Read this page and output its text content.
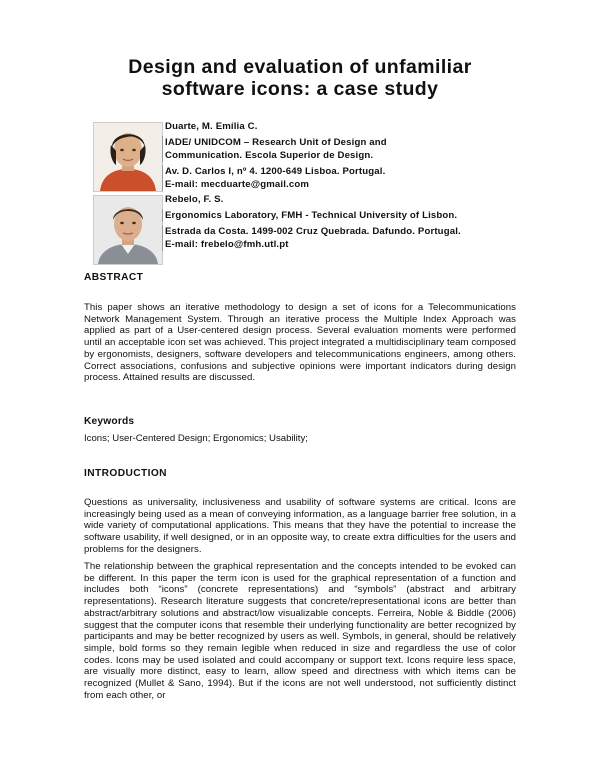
Design and evaluation of unfamiliar
software icons: a case study
Duarte, M. Emília C.
IADE/ UNIDCOM – Research Unit of Design and
Communication. Escola Superior de Design.
Av. D. Carlos I, nº 4. 1200-649 Lisboa. Portugal.
E-mail: mecduarte@gmail.com
Rebelo, F. S.
Ergonomics Laboratory, FMH - Technical University of Lisbon.
Estrada da Costa. 1499-002 Cruz Quebrada. Dafundo. Portugal.
E-mail: frebelo@fmh.utl.pt
ABSTRACT

This paper shows an iterative methodology to design a set of icons for a Telecommunications Network Management System. Through an iterative process the Multiple Index Approach was applied as part of a User-centered design process. Several evaluation moments were performed until an acceptable icon set was achieved. This project integrated a multidisciplinary team composed by ergonomists, designers, software developers and telecommunications engineers, among others. Correct associations, confusions and subjective opinions were important indicators during design process. Attained results are discussed.

Keywords
Icons; User-Centered Design; Ergonomics; Usability;
INTRODUCTION

Questions as universality, inclusiveness and usability of software systems are critical. Icons are increasingly being used as a mean of conveying information, as a language barrier free solution, in a wide variety of computational applications. This means that they have the potential to increase the software usability, if well designed, or in an opposite way, to create extra difficulties for the users and problems for the designers.

The relationship between the graphical representation and the concepts intended to be evoked can be different. In this paper the term icon is used for the graphical representation of a function and includes both “icons” (concrete representations) and “symbols” (abstract and arbitrary representations). Research literature suggests that concrete/representational icons are better than abstract/arbitrary solutions and abstract/low visualizable concepts. Ferreira, Noble & Biddle (2006) suggest that the computer icons that resemble their underlying functionality are better recognized by participants and may be better recognized by users as well. Symbols, in general, should be relatively simple, bold forms so they remain legible when reduced in size and regardless the use of color codes. Icons may be used isolated and could accompany or support text. Icons require less space, are visually more distinct, easy to learn, allow speed and directness with which items can be recognized (Mullet & Sano, 1994). But if the icons are not well understood, not sufficiently distinct from each other, or
